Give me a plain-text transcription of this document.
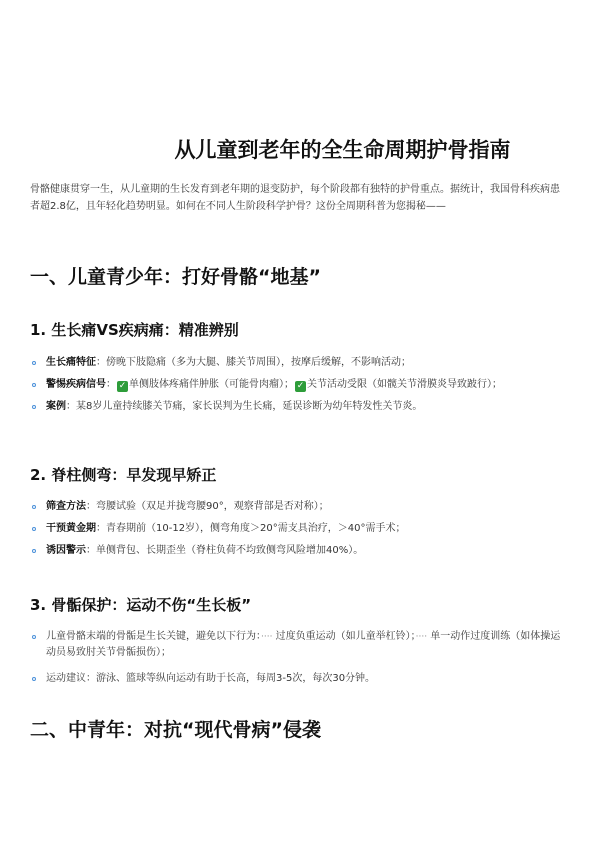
从儿童到老年的全生命周期护骨指南
骨骼健康贯穿一生，从儿童期的生长发育到老年期的退变防护，每个阶段都有独特的护骨重点。据统计，我国骨科疾病患者超2.8亿，且年轻化趋势明显。如何在不同人生阶段科学护骨？这份全周期科普为您揭秘——
一、儿童青少年：打好骨骼“地基”
1. 生长痛VS疾病痛：精准辨别
生长痛特征：傍晚下肢隐痛（多为大腿、膝关节周围），按摩后缓解，不影响活动；
警惕疾病信号： ✓ 单侧肢体疼痛伴肿胀（可能骨肉瘤）； ✓ 关节活动受限（如髋关节滑膜炎导致跛行）；
案例：某8岁儿童持续膝关节痛，家长误判为生长痛，延误诊断为幼年特发性关节炎。
2. 脊柱侧弯：早发现早矫正
筛查方法：弯腰试验（双足并拢弯腰90°，观察背部是否对称）；
干预黄金期：青春期前（10-12岁），侧弯角度＞20°需支具治疗，＞40°需手术；
诱因警示：单侧背包、长期歪坐（脊柱负荷不均致侧弯风险增加40%）。
3. 骨骺保护：运动不伤“生长板”
儿童骨骼末端的骨骺是生长关键，避免以下行为：···· 过度负重运动（如儿童举杠铃）；···· 单一动作过度训练（如体操运动员易致肘关节骨骺损伤）；
运动建议：游泳、篮球等纵向运动有助于长高，每周3-5次，每次30分钟。
二、中青年：对抗“现代骨病”侵袭
